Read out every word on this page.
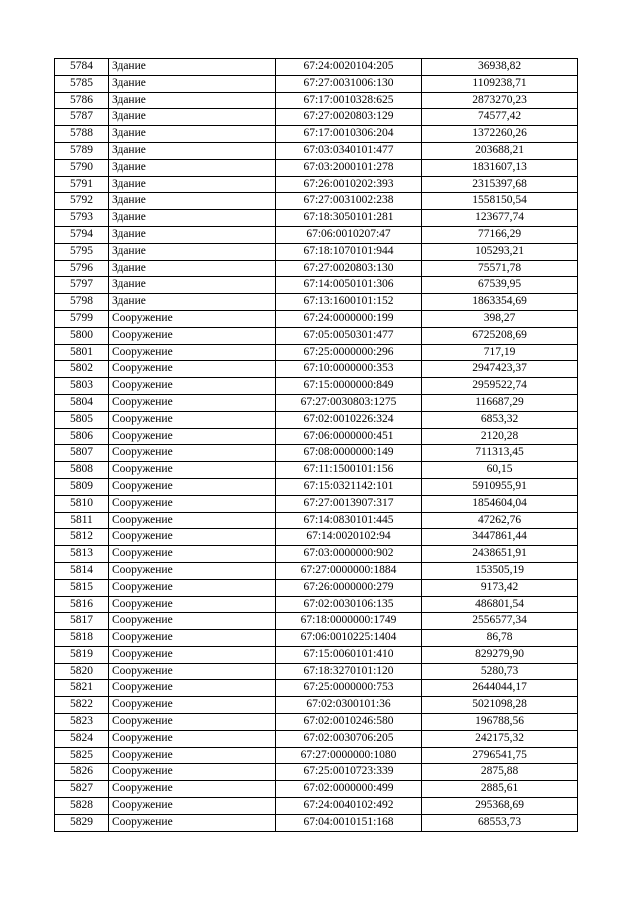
5784	Здание	67:24:0020104:205	36938,82
5785	Здание	67:27:0031006:130	1109238,71
5786	Здание	67:17:0010328:625	2873270,23
5787	Здание	67:27:0020803:129	74577,42
5788	Здание	67:17:0010306:204	1372260,26
5789	Здание	67:03:0340101:477	203688,21
5790	Здание	67:03:2000101:278	1831607,13
5791	Здание	67:26:0010202:393	2315397,68
5792	Здание	67:27:0031002:238	1558150,54
5793	Здание	67:18:3050101:281	123677,74
5794	Здание	67:06:0010207:47	77166,29
5795	Здание	67:18:1070101:944	105293,21
5796	Здание	67:27:0020803:130	75571,78
5797	Здание	67:14:0050101:306	67539,95
5798	Здание	67:13:1600101:152	1863354,69
5799	Сооружение	67:24:0000000:199	398,27
5800	Сооружение	67:05:0050301:477	6725208,69
5801	Сооружение	67:25:0000000:296	717,19
5802	Сооружение	67:10:0000000:353	2947423,37
5803	Сооружение	67:15:0000000:849	2959522,74
5804	Сооружение	67:27:0030803:1275	116687,29
5805	Сооружение	67:02:0010226:324	6853,32
5806	Сооружение	67:06:0000000:451	2120,28
5807	Сооружение	67:08:0000000:149	711313,45
5808	Сооружение	67:11:1500101:156	60,15
5809	Сооружение	67:15:0321142:101	5910955,91
5810	Сооружение	67:27:0013907:317	1854604,04
5811	Сооружение	67:14:0830101:445	47262,76
5812	Сооружение	67:14:0020102:94	3447861,44
5813	Сооружение	67:03:0000000:902	2438651,91
5814	Сооружение	67:27:0000000:1884	153505,19
5815	Сооружение	67:26:0000000:279	9173,42
5816	Сооружение	67:02:0030106:135	486801,54
5817	Сооружение	67:18:0000000:1749	2556577,34
5818	Сооружение	67:06:0010225:1404	86,78
5819	Сооружение	67:15:0060101:410	829279,90
5820	Сооружение	67:18:3270101:120	5280,73
5821	Сооружение	67:25:0000000:753	2644044,17
5822	Сооружение	67:02:0300101:36	5021098,28
5823	Сооружение	67:02:0010246:580	196788,56
5824	Сооружение	67:02:0030706:205	242175,32
5825	Сооружение	67:27:0000000:1080	2796541,75
5826	Сооружение	67:25:0010723:339	2875,88
5827	Сооружение	67:02:0000000:499	2885,61
5828	Сооружение	67:24:0040102:492	295368,69
5829	Сооружение	67:04:0010151:168	68553,73
